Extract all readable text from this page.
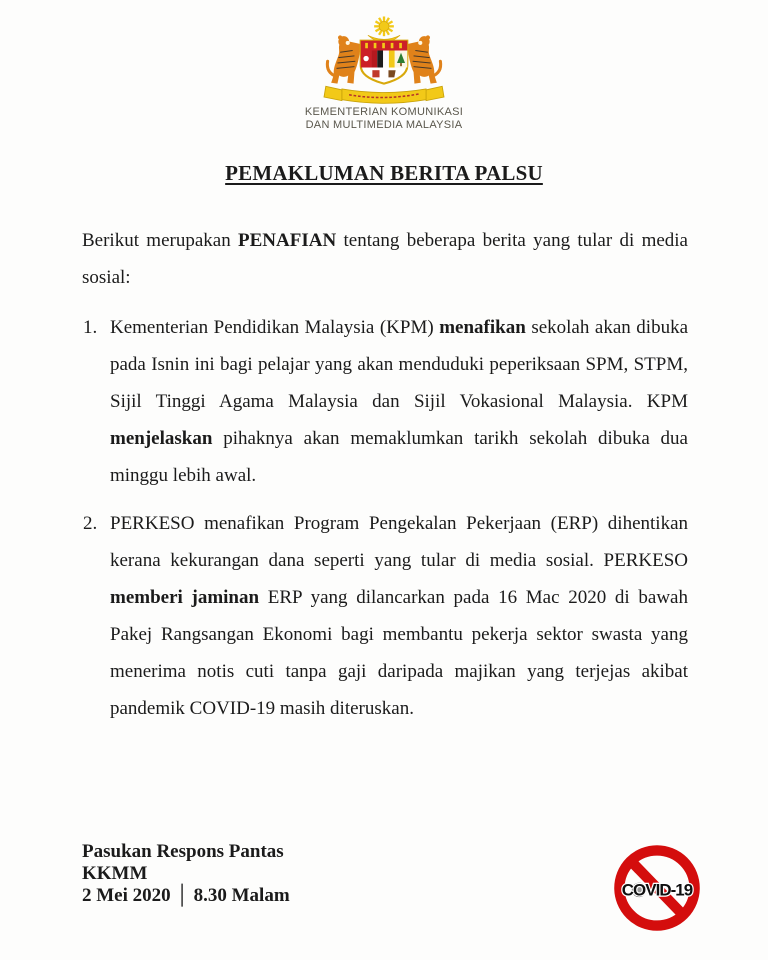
KEMENTERIAN KOMUNIKASI
DAN MULTIMEDIA MALAYSIA
PEMAKLUMAN BERITA PALSU

Berikut merupakan PENAFIAN tentang beberapa berita yang tular di media sosial:

1. Kementerian Pendidikan Malaysia (KPM) menafikan sekolah akan dibuka pada Isnin ini bagi pelajar yang akan menduduki peperiksaan SPM, STPM, Sijil Tinggi Agama Malaysia dan Sijil Vokasional Malaysia. KPM menjelaskan pihaknya akan memaklumkan tarikh sekolah dibuka dua minggu lebih awal.
2. PERKESO menafikan Program Pengekalan Pekerjaan (ERP) dihentikan kerana kekurangan dana seperti yang tular di media sosial. PERKESO memberi jaminan ERP yang dilancarkan pada 16 Mac 2020 di bawah Pakej Rangsangan Ekonomi bagi membantu pekerja sektor swasta yang menerima notis cuti tanpa gaji daripada majikan yang terjejas akibat pandemik COVID-19 masih diteruskan.
Pasukan Respons Pantas
KKMM
2 Mei 2020 │ 8.30 Malam	COVID-19
